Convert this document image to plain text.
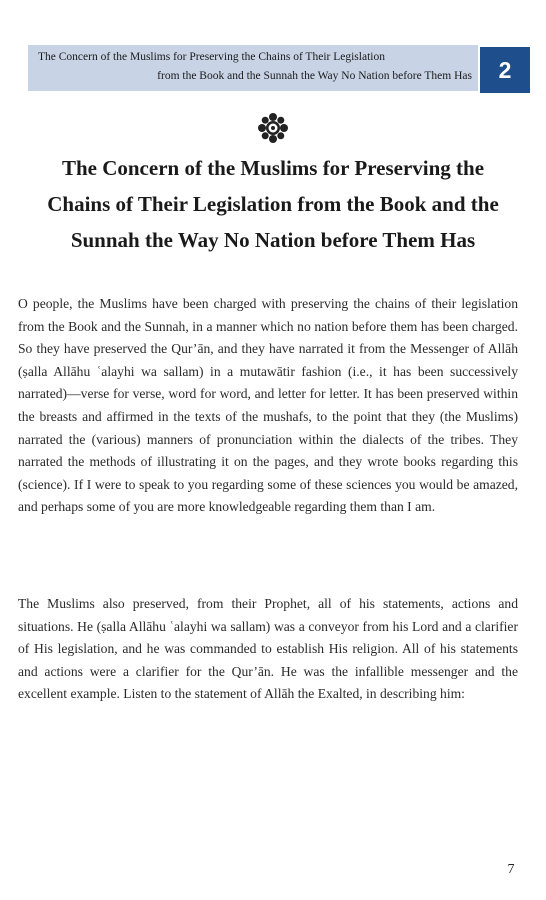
The Concern of the Muslims for Preserving the Chains of Their Legislation
from the Book and the Sunnah the Way No Nation before Them Has	2
The Concern of the Muslims for Preserving the Chains of Their Legislation from the Book and the Sunnah the Way No Nation before Them Has
O people, the Muslims have been charged with preserving the chains of their legislation from the Book and the Sunnah, in a manner which no nation before them has been charged. So they have preserved the Qur’ān, and they have narrated it from the Messenger of Allāh (ṣalla Allāhu ʿalayhi wa sallam) in a mutawātir fashion (i.e., it has been successively narrated)—verse for verse, word for word, and letter for letter. It has been preserved within the breasts and affirmed in the texts of the mushafs, to the point that they (the Muslims) narrated the (various) manners of pronunciation within the dialects of the tribes. They narrated the methods of illustrating it on the pages, and they wrote books regarding this (science). If I were to speak to you regarding some of these sciences you would be amazed, and perhaps some of you are more knowledgeable regarding them than I am.
The Muslims also preserved, from their Prophet, all of his statements, actions and situations. He (ṣalla Allāhu ʿalayhi wa sallam) was a conveyor from his Lord and a clarifier of His legislation, and he was commanded to establish His religion. All of his statements and actions were a clarifier for the Qur’ān. He was the infallible messenger and the excellent example. Listen to the statement of Allāh the Exalted, in describing him:
7
